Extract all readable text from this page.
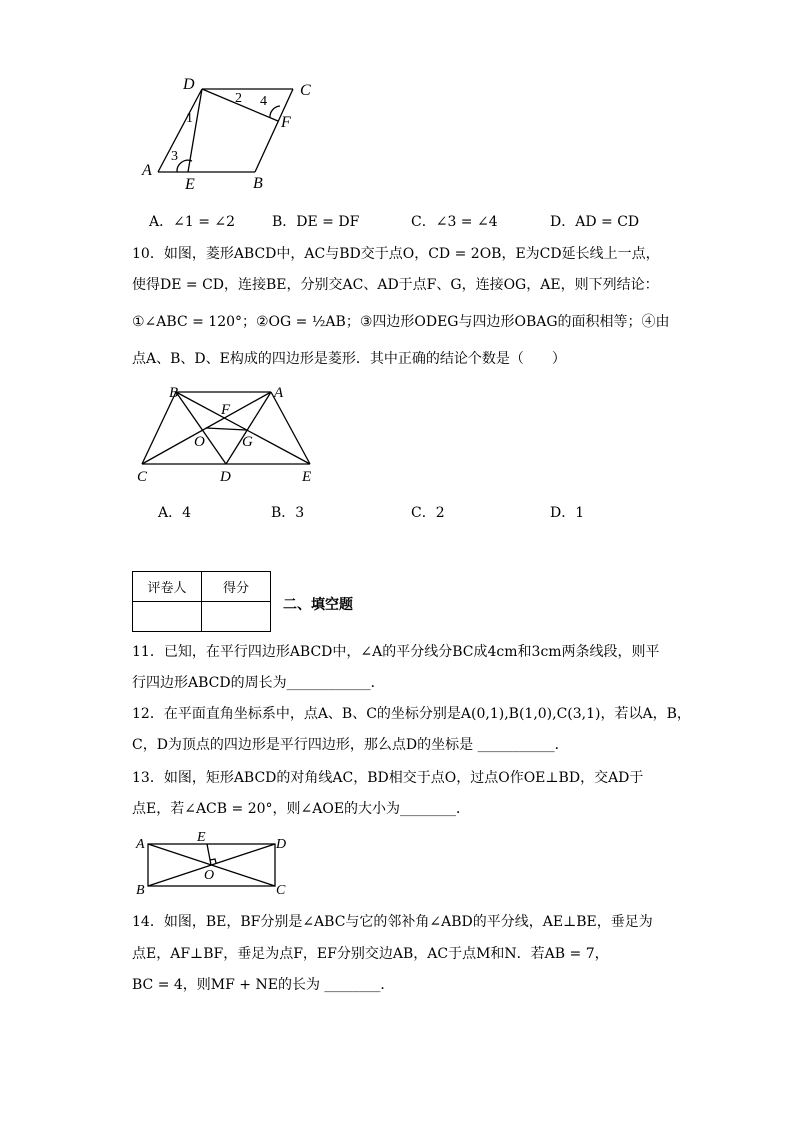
D	C
F
A
E	B
1
2
3
4
A．∠1 = ∠2	B．DE = DF	C．∠3 = ∠4	D．AD = CD
10．如图，菱形ABCD中，AC与BD交于点O，CD = 2OB，E为CD延长线上一点，
使得DE = CD，连接BE，分别交AC、AD于点F、G，连接OG，AE，则下列结论：
①∠ABC = 120°；②OG = ½AB；③四边形ODEG与四边形OBAG的面积相等；④由
点A、B、D、E构成的四边形是菱形．其中正确的结论个数是（　　）
B	A
F
O G
C	D	E
A．4	B．3	C．2	D．1
评卷人	得分

二、填空题
11．已知，在平行四边形ABCD中，∠A的平分线分BC成4cm和3cm两条线段，则平
行四边形ABCD的周长为____________．
12．在平面直角坐标系中，点A、B、C的坐标分别是A(0,1),B(1,0),C(3,1)，若以A，B，
C，D为顶点的四边形是平行四边形，那么点D的坐标是 ___________．
13．如图，矩形ABCD的对角线AC，BD相交于点O，过点O作OE⊥BD，交AD于
点E，若∠ACB = 20°，则∠AOE的大小为________．
A	E	D
O
B	C
14．如图，BE，BF分别是∠ABC与它的邻补角∠ABD的平分线，AE⊥BE，垂足为
点E，AF⊥BF，垂足为点F，EF分别交边AB，AC于点M和N．若AB = 7，
BC = 4，则MF + NE的长为 ________．
